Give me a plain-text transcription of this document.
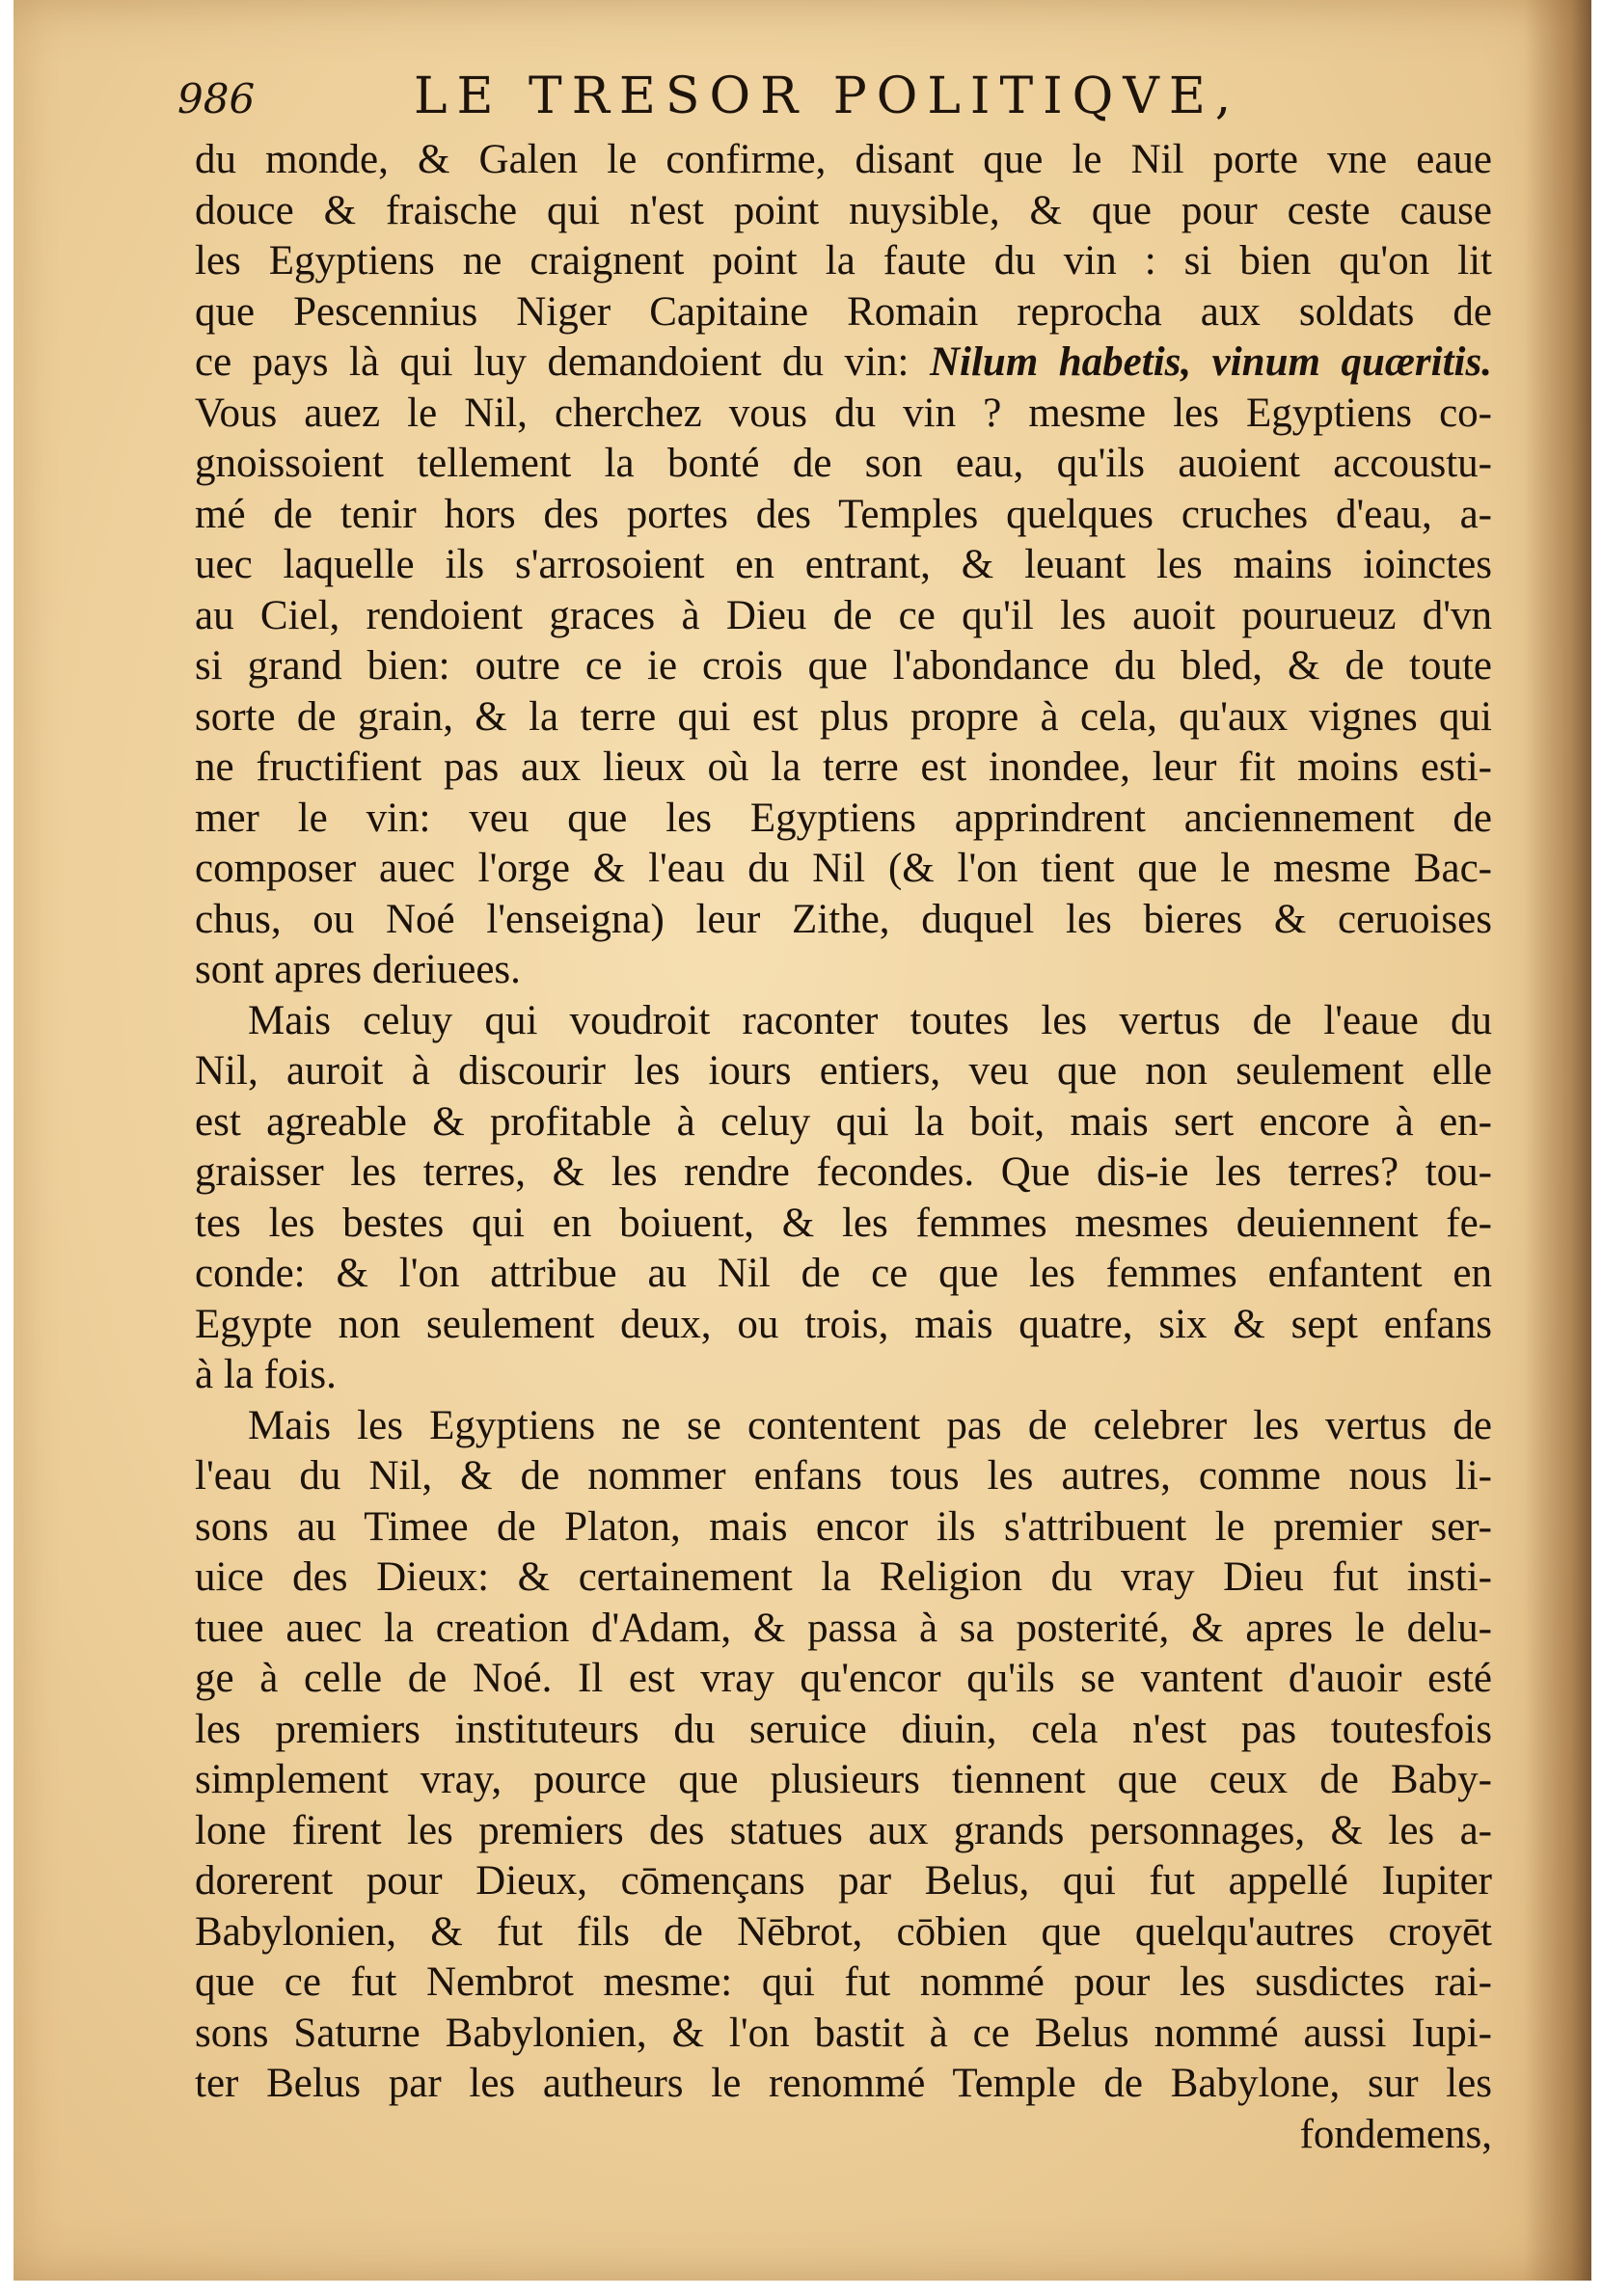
986	LE TRESOR POLITIQVE,
du monde, & Galen le confirme, disant que le Nil porte vne eaue
douce & fraische qui n'est point nuysible, & que pour ceste cause
les Egyptiens ne craignent point la faute du vin : si bien qu'on lit
que Pescennius Niger Capitaine Romain reprocha aux soldats de
ce pays là qui luy demandoient du vin: Nilum habetis, vinum quæritis.
Vous auez le Nil, cherchez vous du vin ? mesme les Egyptiens co-
gnoissoient tellement la bonté de son eau, qu'ils auoient accoustu-
mé de tenir hors des portes des Temples quelques cruches d'eau, a-
uec laquelle ils s'arrosoient en entrant, & leuant les mains ioinctes
au Ciel, rendoient graces à Dieu de ce qu'il les auoit pourueuz d'vn
si grand bien: outre ce ie crois que l'abondance du bled, & de toute
sorte de grain, & la terre qui est plus propre à cela, qu'aux vignes qui
ne fructifient pas aux lieux où la terre est inondee, leur fit moins esti-
mer le vin: veu que les Egyptiens apprindrent anciennement de
composer auec l'orge & l'eau du Nil (& l'on tient que le mesme Bac-
chus, ou Noé l'enseigna) leur Zithe, duquel les bieres & ceruoises
sont apres deriuees.
Mais celuy qui voudroit raconter toutes les vertus de l'eaue du
Nil, auroit à discourir les iours entiers, veu que non seulement elle
est agreable & profitable à celuy qui la boit, mais sert encore à en-
graisser les terres, & les rendre fecondes. Que dis-ie les terres? tou-
tes les bestes qui en boiuent, & les femmes mesmes deuiennent fe-
conde: & l'on attribue au Nil de ce que les femmes enfantent en
Egypte non seulement deux, ou trois, mais quatre, six & sept enfans
à la fois.
Mais les Egyptiens ne se contentent pas de celebrer les vertus de
l'eau du Nil, & de nommer enfans tous les autres, comme nous li-
sons au Timee de Platon, mais encor ils s'attribuent le premier ser-
uice des Dieux: & certainement la Religion du vray Dieu fut insti-
tuee auec la creation d'Adam, & passa à sa posterité, & apres le delu-
ge à celle de Noé. Il est vray qu'encor qu'ils se vantent d'auoir esté
les premiers instituteurs du seruice diuin, cela n'est pas toutesfois
simplement vray, pource que plusieurs tiennent que ceux de Baby-
lone firent les premiers des statues aux grands personnages, & les a-
dorerent pour Dieux, cōmençans par Belus, qui fut appellé Iupiter
Babylonien, & fut fils de Nēbrot, cōbien que quelqu'autres croyēt
que ce fut Nembrot mesme: qui fut nommé pour les susdictes rai-
sons Saturne Babylonien, & l'on bastit à ce Belus nommé aussi Iupi-
ter Belus par les autheurs le renommé Temple de Babylone, sur les
fondemens,
